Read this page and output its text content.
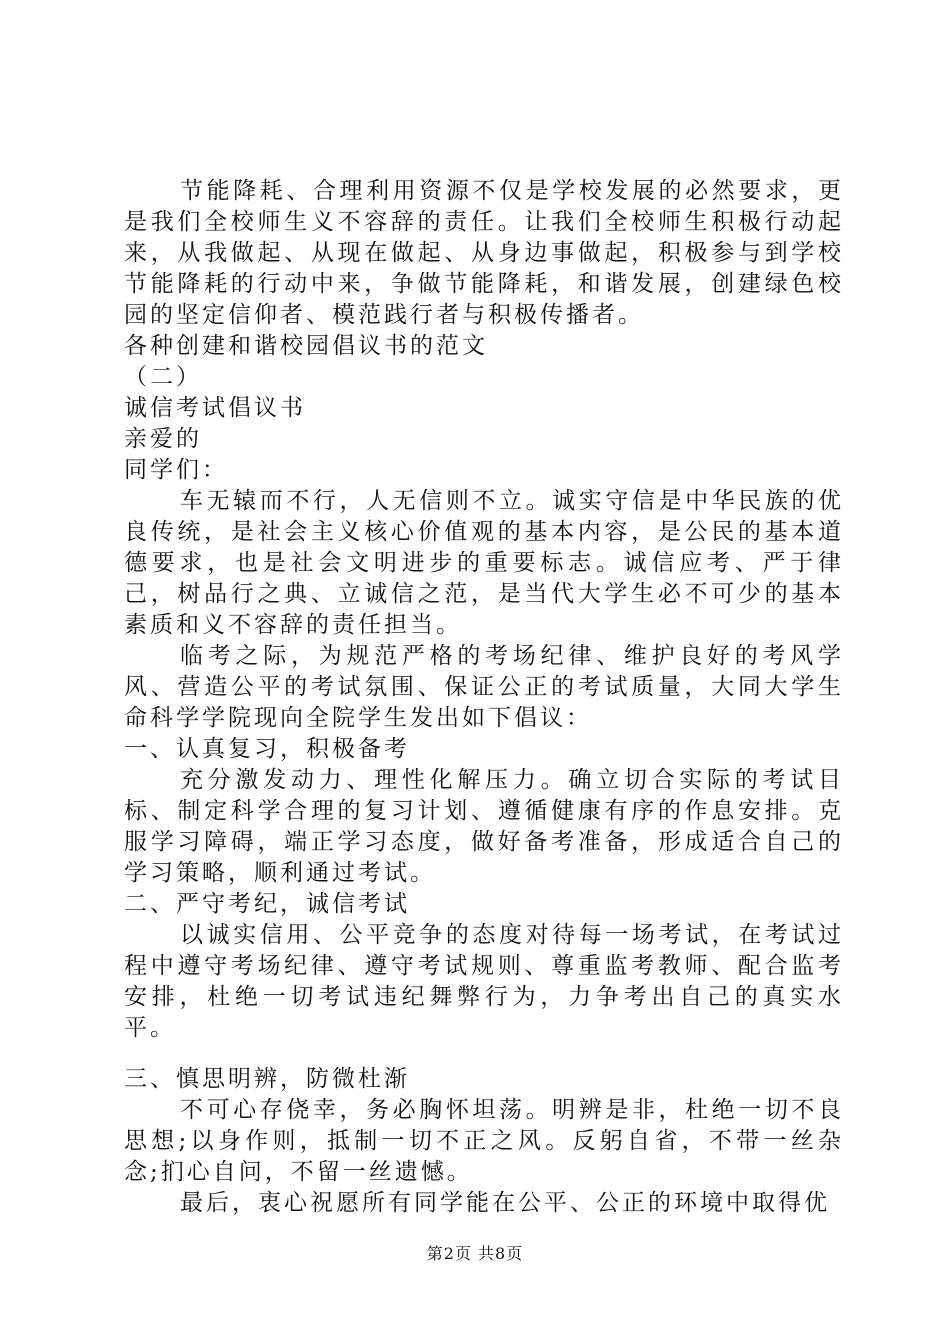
节能降耗、合理利用资源不仅是学校发展的必然要求，更是我们全校师生义不容辞的责任。让我们全校师生积极行动起来，从我做起、从现在做起、从身边事做起，积极参与到学校节能降耗的行动中来，争做节能降耗，和谐发展，创建绿色校园的坚定信仰者、模范践行者与积极传播者。

各种创建和谐校园倡议书的范文

（二）

诚信考试倡议书

亲爱的

同学们：

车无辕而不行，人无信则不立。诚实守信是中华民族的优良传统，是社会主义核心价值观的基本内容，是公民的基本道德要求，也是社会文明进步的重要标志。诚信应考、严于律己，树品行之典、立诚信之范，是当代大学生必不可少的基本素质和义不容辞的责任担当。

临考之际，为规范严格的考场纪律、维护良好的考风学风、营造公平的考试氛围、保证公正的考试质量，大同大学生命科学学院现向全院学生发出如下倡议：

一、认真复习，积极备考

充分激发动力、理性化解压力。确立切合实际的考试目标、制定科学合理的复习计划、遵循健康有序的作息安排。克服学习障碍，端正学习态度，做好备考准备，形成适合自己的学习策略，顺利通过考试。

二、严守考纪，诚信考试

以诚实信用、公平竞争的态度对待每一场考试，在考试过程中遵守考场纪律、遵守考试规则、尊重监考教师、配合监考安排，杜绝一切考试违纪舞弊行为，力争考出自己的真实水平。

三、慎思明辨，防微杜渐

不可心存侥幸，务必胸怀坦荡。明辨是非，杜绝一切不良思想;以身作则，抵制一切不正之风。反躬自省，不带一丝杂念;扪心自问，不留一丝遗憾。

最后，衷心祝愿所有同学能在公平、公正的环境中取得优

第2页 共8页
